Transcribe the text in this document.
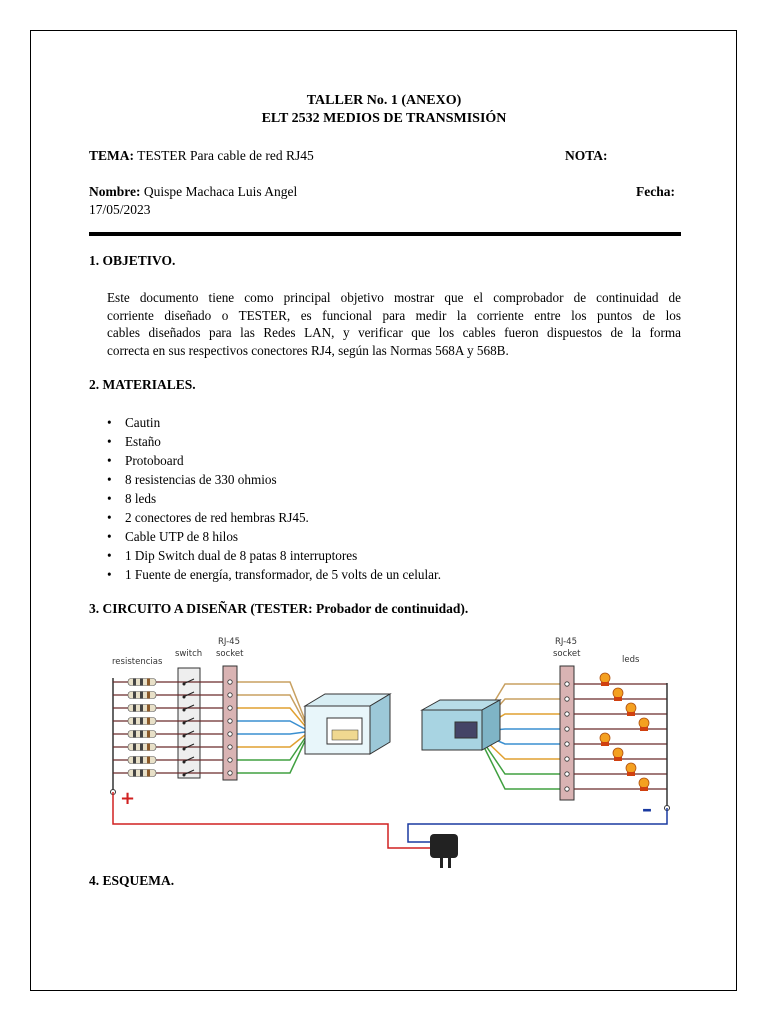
TALLER No. 1 (ANEXO)
ELT 2532 MEDIOS DE TRANSMISIÓN
TEMA: TESTER Para cable de red RJ45	NOTA:
Nombre: Quispe Machaca Luis Angel	Fecha:
17/05/2023
1. OBJETIVO.
Este documento tiene como principal objetivo mostrar que el comprobador de continuidad de
corriente diseñado o TESTER, es funcional para medir la corriente entre los puntos de los
cables diseñados para las Redes LAN, y verificar que los cables fueron dispuestos de la forma
correcta en sus respectivos conectores RJ4, según las Normas 568A y 568B.
2. MATERIALES.
• Cautin
• Estaño
• Protoboard
• 8 resistencias de 330 ohmios
• 8 leds
• 2 conectores de red hembras RJ45.
• Cable UTP de 8 hilos
• 1 Dip Switch dual de 8 patas 8 interruptores
• 1 Fuente de energía, transformador, de 5 volts de un celular.
3. CIRCUITO A DISEÑAR (TESTER: Probador de continuidad).
resistencias
switch
RJ-45
socket
RJ-45
socket
leds
+	–
4. ESQUEMA.
